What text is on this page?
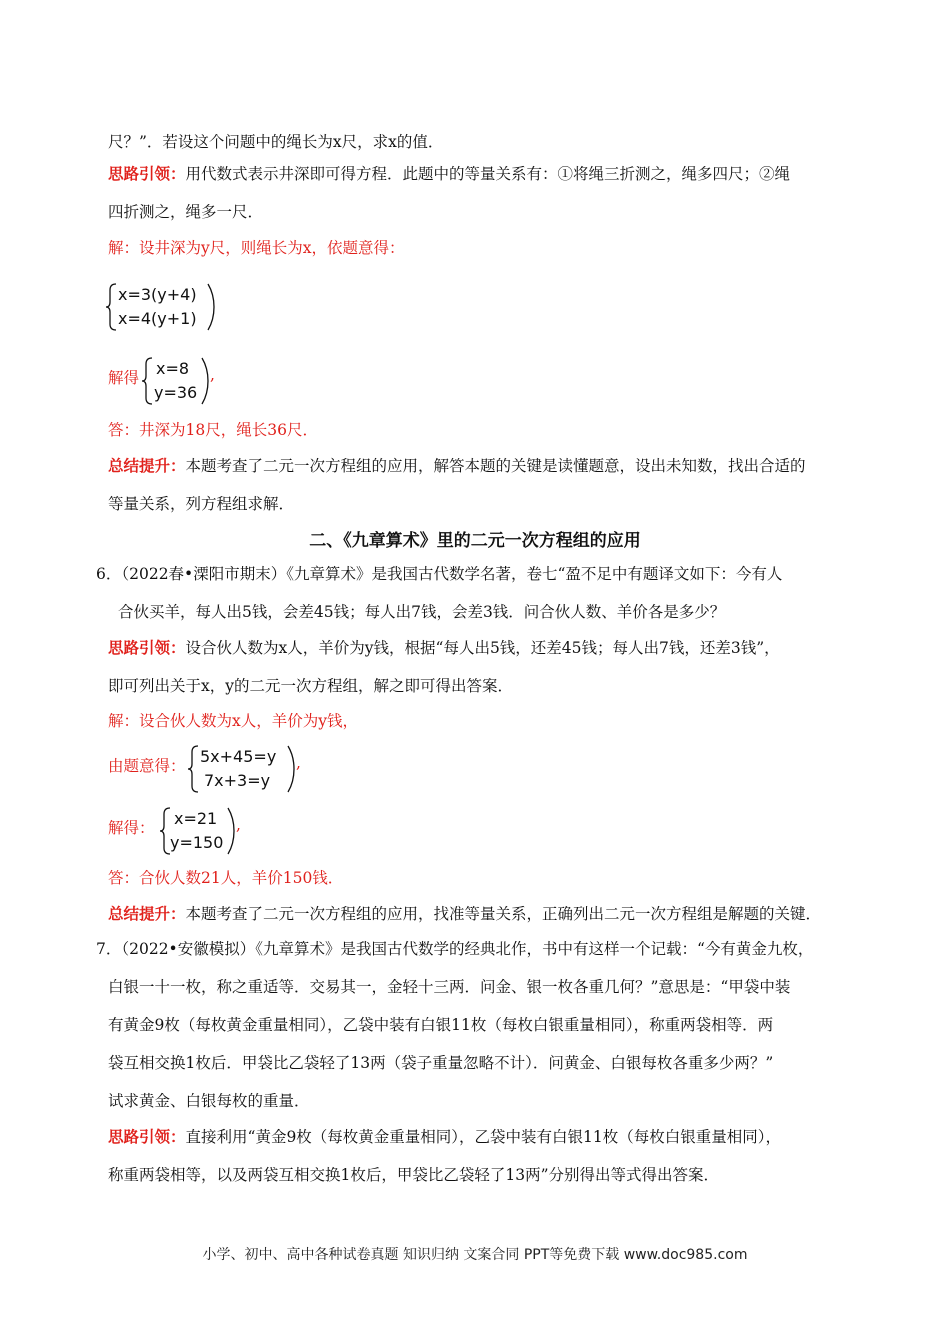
尺？”．若设这个问题中的绳长为x尺，求x的值．
思路引领：用代数式表示井深即可得方程．此题中的等量关系有：①将绳三折测之，绳多四尺；②绳
四折测之，绳多一尺．
解：设井深为y尺，则绳长为x，依题意得：
x=3(y+4)
x=4(y+1)
解得 x=8
y=36
,
答：井深为18尺，绳长36尺．
总结提升：本题考查了二元一次方程组的应用，解答本题的关键是读懂题意，设出未知数，找出合适的
等量关系，列方程组求解．
二、《九章算术》里的二元一次方程组的应用
6．（2022春•溧阳市期末）《九章算术》是我国古代数学名著，卷七“盈不足中有题译文如下：今有人
合伙买羊，每人出5钱，会差45钱；每人出7钱，会差3钱．问合伙人数、羊价各是多少？
思路引领：设合伙人数为x人，羊价为y钱，根据“每人出5钱，还差45钱；每人出7钱，还差3钱”，
即可列出关于x，y的二元一次方程组，解之即可得出答案．
解：设合伙人数为x人，羊价为y钱，
由题意得： 5x+45=y
7x+3=y
,
解得： x=21
y=150
,
答：合伙人数21人，羊价150钱．
总结提升：本题考查了二元一次方程组的应用，找准等量关系，正确列出二元一次方程组是解题的关键．
7．（2022•安徽模拟）《九章算术》是我国古代数学的经典北作，书中有这样一个记载：“今有黄金九枚，
白银一十一枚，称之重适等．交易其一，金轻十三两．问金、银一枚各重几何？”意思是：“甲袋中装
有黄金9枚（每枚黄金重量相同），乙袋中装有白银11枚（每枚白银重量相同），称重两袋相等．两
袋互相交换1枚后．甲袋比乙袋轻了13两（袋子重量忽略不计）．问黄金、白银每枚各重多少两？”
试求黄金、白银每枚的重量．
思路引领：直接利用“黄金9枚（每枚黄金重量相同），乙袋中装有白银11枚（每枚白银重量相同），
称重两袋相等，以及两袋互相交换1枚后，甲袋比乙袋轻了13两”分别得出等式得出答案．
小学、初中、高中各种试卷真题 知识归纳 文案合同 PPT等免费下载 www.doc985.com
